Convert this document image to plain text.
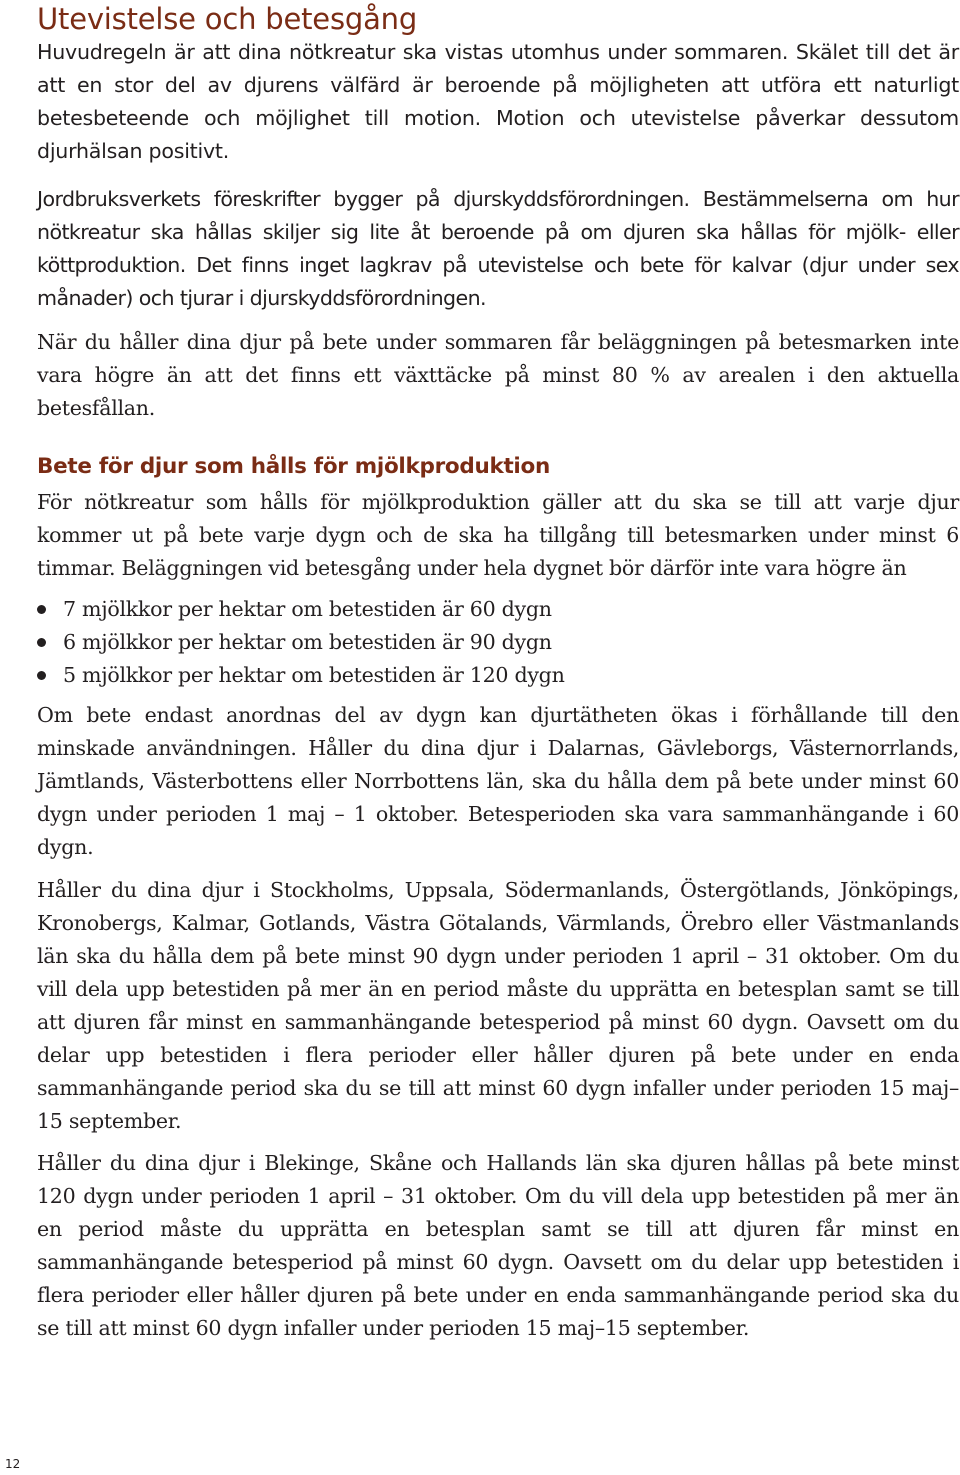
Utevistelse och betesgång

Huvudregeln är att dina nötkreatur ska vistas utomhus under sommaren. Skälet till det är att en stor del av djurens välfärd är beroende på möjligheten att utföra ett naturligt betesbeteende och möjlighet till motion. Motion och utevistelse påverkar dessutom djurhälsan positivt.

Jordbruksverkets föreskrifter bygger på djurskyddsförordningen. Bestämmelserna om hur nötkreatur ska hållas skiljer sig lite åt beroende på om djuren ska hållas för mjölk- eller köttproduktion. Det finns inget lagkrav på utevistelse och bete för kalvar (djur under sex månader) och tjurar i djurskyddsförordningen.

När du håller dina djur på bete under sommaren får beläggningen på betesmarken inte vara högre än att det finns ett växttäcke på minst 80 % av arealen i den aktuella betesfållan.

Bete för djur som hålls för mjölkproduktion

För nötkreatur som hålls för mjölkproduktion gäller att du ska se till att varje djur kommer ut på bete varje dygn och de ska ha tillgång till betesmarken under minst 6 timmar. Beläggningen vid betesgång under hela dygnet bör därför inte vara högre än

7 mjölkkor per hektar om betestiden är 60 dygn
6 mjölkkor per hektar om betestiden är 90 dygn
5 mjölkkor per hektar om betestiden är 120 dygn

Om bete endast anordnas del av dygn kan djurtätheten ökas i förhållande till den minskade användningen. Håller du dina djur i Dalarnas, Gävleborgs, Västernorrlands, Jämtlands, Västerbottens eller Norrbottens län, ska du hålla dem på bete under minst 60 dygn under perioden 1 maj – 1 oktober. Betesperioden ska vara sammanhängande i 60 dygn.

Håller du dina djur i Stockholms, Uppsala, Södermanlands, Östergötlands, Jönköpings, Kronobergs, Kalmar, Gotlands, Västra Götalands, Värmlands, Örebro eller Västmanlands län ska du hålla dem på bete minst 90 dygn under perioden 1 april – 31 oktober. Om du vill dela upp betestiden på mer än en period måste du upprätta en betesplan samt se till att djuren får minst en sammanhängande betesperiod på minst 60 dygn. Oavsett om du delar upp betestiden i flera perioder eller håller djuren på bete under en enda sammanhängande period ska du se till att minst 60 dygn infaller under perioden 15 maj–15 september.

Håller du dina djur i Blekinge, Skåne och Hallands län ska djuren hållas på bete minst 120 dygn under perioden 1 april – 31 oktober. Om du vill dela upp betestiden på mer än en period måste du upprätta en betesplan samt se till att djuren får minst en sammanhängande betesperiod på minst 60 dygn. Oavsett om du delar upp betestiden i flera perioder eller håller djuren på bete under en enda sammanhängande period ska du se till att minst 60 dygn infaller under perioden 15 maj–15 september.

12
